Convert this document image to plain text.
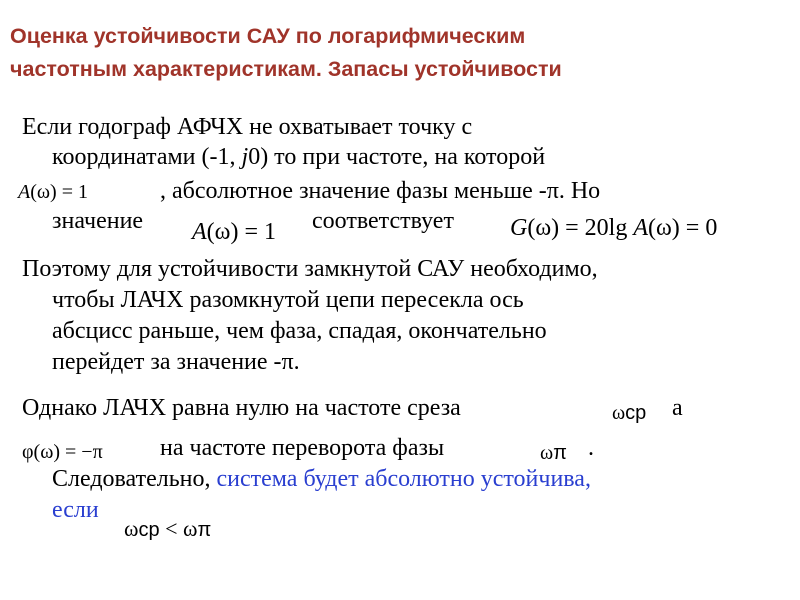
Оценка устойчивости САУ по логарифмическим
частотным характеристикам. Запасы устойчивости
Если годограф АФЧХ не охватывает точку с
координатами (-1, j0) то при частоте, на которой
A(ω) = 1	, абсолютное значение фазы меньше -π. Но
значение A(ω) = 1 соответствует G(ω) = 20lg A(ω) = 0
Поэтому для устойчивости замкнутой САУ необходимо,
чтобы ЛАЧХ разомкнутой цепи пересекла ось
абсцисс раньше, чем фаза, спадая, окончательно
перейдет за значение -π.
Однако ЛАЧХ равна нулю на частоте среза	ωср а
φ(ω) = −π на частоте переворота фазы	ωπ .
Следовательно, система будет абсолютно устойчива,
если
ωср < ωπ
